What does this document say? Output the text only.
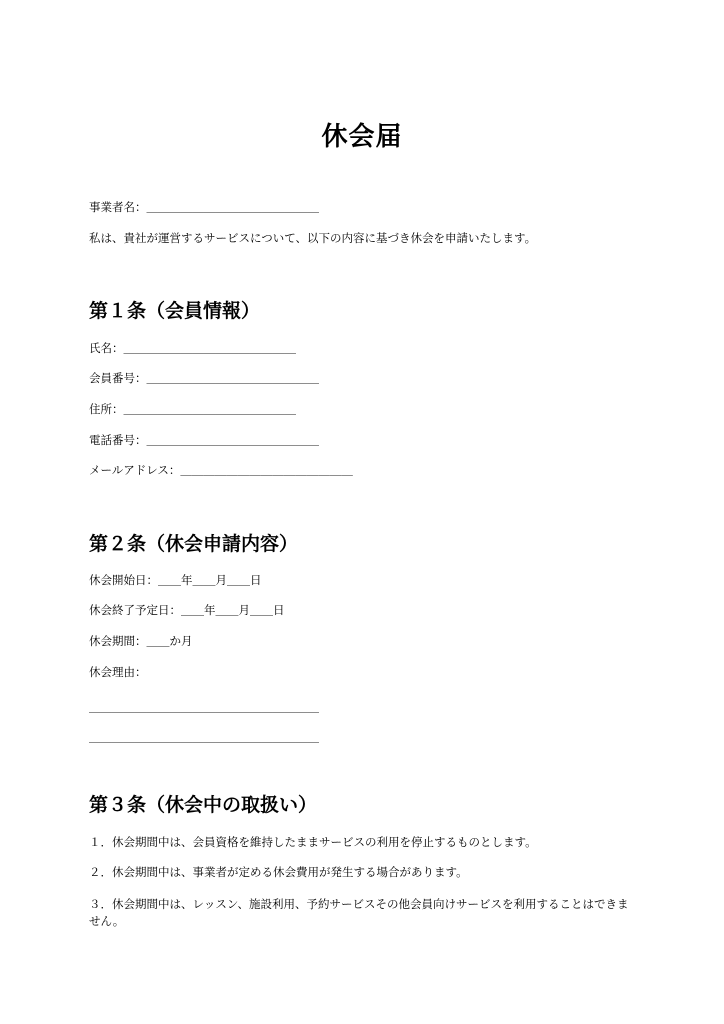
休会届
事業者名：＿＿＿＿＿＿＿＿＿＿＿＿＿＿＿
私は、貴社が運営するサービスについて、以下の内容に基づき休会を申請いたします。
第１条（会員情報）
氏名：＿＿＿＿＿＿＿＿＿＿＿＿＿＿＿
会員番号：＿＿＿＿＿＿＿＿＿＿＿＿＿＿＿
住所：＿＿＿＿＿＿＿＿＿＿＿＿＿＿＿
電話番号：＿＿＿＿＿＿＿＿＿＿＿＿＿＿＿
メールアドレス：＿＿＿＿＿＿＿＿＿＿＿＿＿＿＿
第２条（休会申請内容）
休会開始日：＿＿年＿＿月＿＿日
休会終了予定日：＿＿年＿＿月＿＿日
休会期間：＿＿か月
休会理由：
＿＿＿＿＿＿＿＿＿＿＿＿＿＿＿＿＿＿＿＿
＿＿＿＿＿＿＿＿＿＿＿＿＿＿＿＿＿＿＿＿
第３条（休会中の取扱い）
１．休会期間中は、会員資格を維持したままサービスの利用を停止するものとします。
２．休会期間中は、事業者が定める休会費用が発生する場合があります。
３．休会期間中は、レッスン、施設利用、予約サービスその他会員向けサービスを利用することはできません。
